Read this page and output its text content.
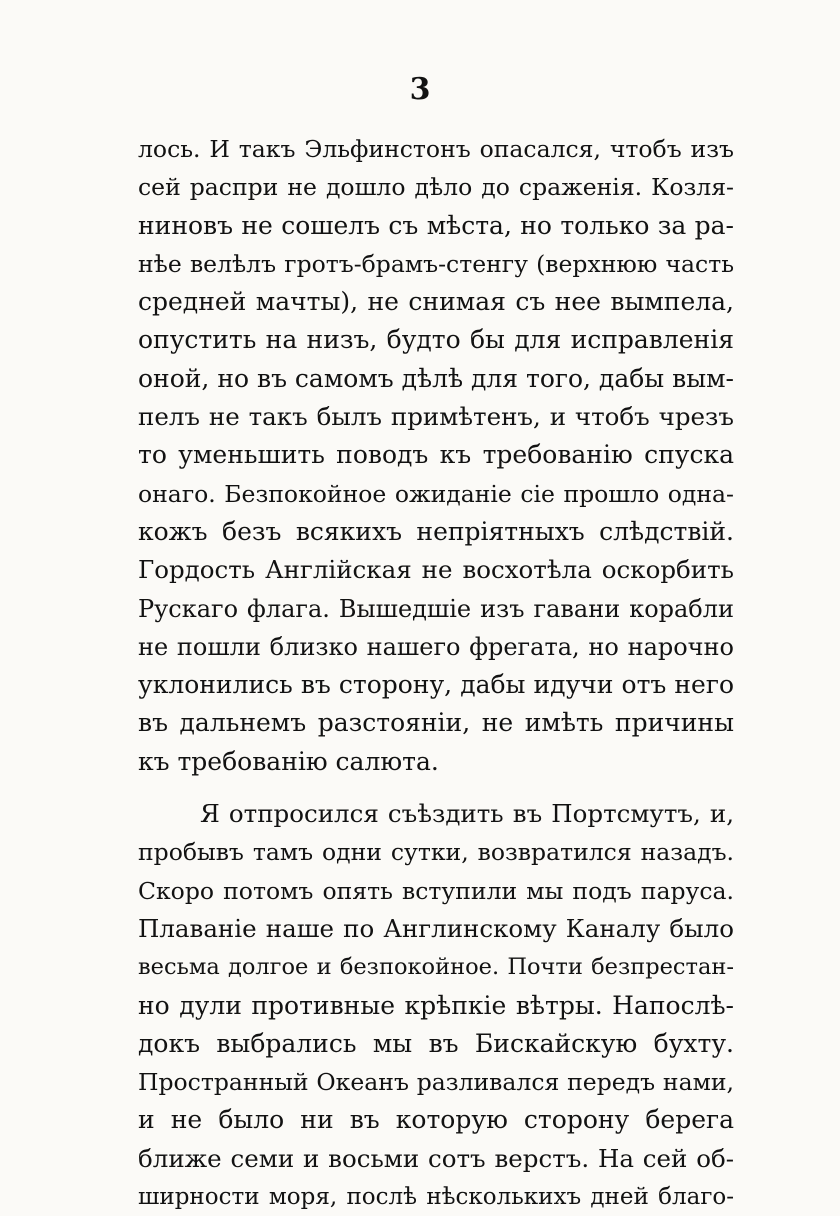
3
лось. И такъ Эльфинстонъ опасался, чтобъ изъ
сей распри не дошло дѣло до сраженія. Козля-
ниновъ не сошелъ съ мѣста, но только за ра-
нѣе велѣлъ гротъ-брамъ-стенгу (верхнюю часть
средней мачты), не снимая съ нее вымпела,
опустить на низъ, будто бы для исправленія
оной, но въ самомъ дѣлѣ для того, дабы вым-
пелъ не такъ былъ примѣтенъ, и чтобъ чрезъ
то уменьшить поводъ къ требованію спуска
онаго. Безпокойное ожиданіе сіе прошло одна-
кожъ безъ всякихъ непріятныхъ слѣдствій.
Гордость Англійская не восхотѣла оскорбить
Рускаго флага. Вышедшіе изъ гавани корабли
не пошли близко нашего фрегата, но нарочно
уклонились въ сторону, дабы идучи отъ него
въ дальнемъ разстояніи, не имѣть причины
къ требованію салюта.
Я отпросился съѣздить въ Портсмутъ, и,
пробывъ тамъ одни сутки, возвратился назадъ.
Скоро потомъ опять вступили мы подъ паруса.
Плаваніе наше по Англинскому Каналу было
весьма долгое и безпокойное. Почти безпрестан-
но дули противные крѣпкіе вѣтры. Напослѣ-
докъ выбрались мы въ Бискайскую бухту.
Пространный Океанъ разливался передъ нами,
и не было ни въ которую сторону берега
ближе семи и восьми сотъ верстъ. На сей об-
ширности моря, послѣ нѣсколькихъ дней благо-
